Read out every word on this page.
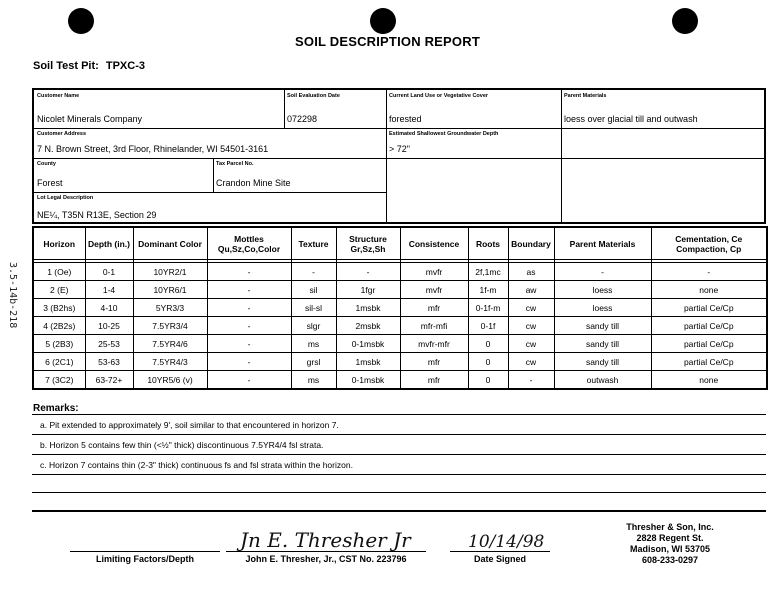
SOIL DESCRIPTION REPORT
Soil Test Pit: TPXC-3
Customer Name
Nicolet Minerals Company
Soil Evaluation Date
072298
Current Land Use or Vegetative Cover
forested
Parent Materials
loess over glacial till and outwash
Customer Address
7 N. Brown Street, 3rd Floor, Rhinelander, WI 54501-3161
Estimated Shallowest Groundwater Depth
> 72"
County
Forest
Tax Parcel No.
Crandon Mine Site
Lot Legal Description
NE¼, T35N R13E, Section 29
3.5-14b-218
Horizon	Depth (in.)	Dominant Color	Mottles Qu,Sz,Co,Color	Texture	Structure Gr,Sz,Sh	Consistence	Roots	Boundary	Parent Materials	Cementation, Ce Compaction, Cp

1 (Oe)	0-1	10YR2/1	-	-	-	mvfr	2f,1mc	as	-	-
2 (E)	1-4	10YR6/1	-	sil	1fgr	mvfr	1f-m	aw	loess	none
3 (B2hs)	4-10	5YR3/3	-	sil-sl	1msbk	mfr	0-1f-m	cw	loess	partial Ce/Cp
4 (2B2s)	10-25	7.5YR3/4	-	slgr	2msbk	mfr-mfi	0-1f	cw	sandy till	partial Ce/Cp
5 (2B3)	25-53	7.5YR4/6	-	ms	0-1msbk	mvfr-mfr	0	cw	sandy till	partial Ce/Cp
6 (2C1)	53-63	7.5YR4/3	-	grsl	1msbk	mfr	0	cw	sandy till	partial Ce/Cp
7 (3C2)	63-72+	10YR5/6 (v)	-	ms	0-1msbk	mfr	0	-	outwash	none
Remarks:
a. Pit extended to approximately 9', soil similar to that encountered in horizon 7.
b. Horizon 5 contains few thin (<½" thick) discontinuous 7.5YR4/4 fsl strata.
c. Horizon 7 contains thin (2-3" thick) continuous fs and fsl strata within the horizon.
Limiting Factors/Depth
Jn E. Thresher Jr
John E. Thresher, Jr., CST No. 223796
10/14/98
Date Signed
Thresher & Son, Inc.
2828 Regent St.
Madison, WI 53705
608-233-0297
